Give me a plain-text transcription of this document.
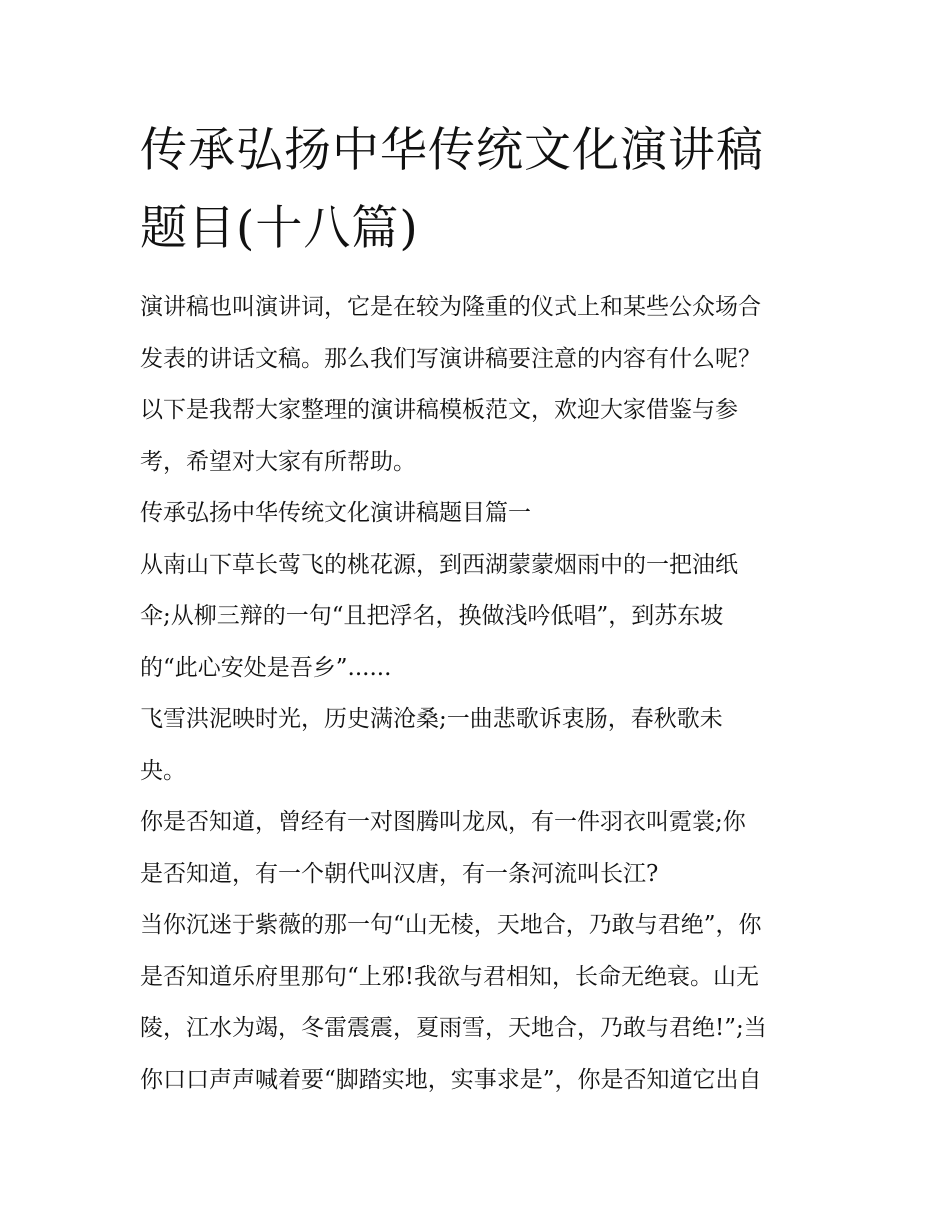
传承弘扬中华传统文化演讲稿
题目(十八篇)
演讲稿也叫演讲词，它是在较为隆重的仪式上和某些公众场合
发表的讲话文稿。那么我们写演讲稿要注意的内容有什么呢？
以下是我帮大家整理的演讲稿模板范文，欢迎大家借鉴与参
考，希望对大家有所帮助。
传承弘扬中华传统文化演讲稿题目篇一
从南山下草长莺飞的桃花源，到西湖蒙蒙烟雨中的一把油纸
伞;从柳三辩的一句“且把浮名，换做浅吟低唱”，到苏东坡
的“此心安处是吾乡”......
飞雪洪泥映时光，历史满沧桑;一曲悲歌诉衷肠，春秋歌未
央。
你是否知道，曾经有一对图腾叫龙凤，有一件羽衣叫霓裳;你
是否知道，有一个朝代叫汉唐，有一条河流叫长江?
当你沉迷于紫薇的那一句“山无棱，天地合，乃敢与君绝”，你
是否知道乐府里那句“上邪!我欲与君相知，长命无绝衰。山无
陵，江水为竭，冬雷震震，夏雨雪，天地合，乃敢与君绝!”;当
你口口声声喊着要“脚踏实地，实事求是”，你是否知道它出自
